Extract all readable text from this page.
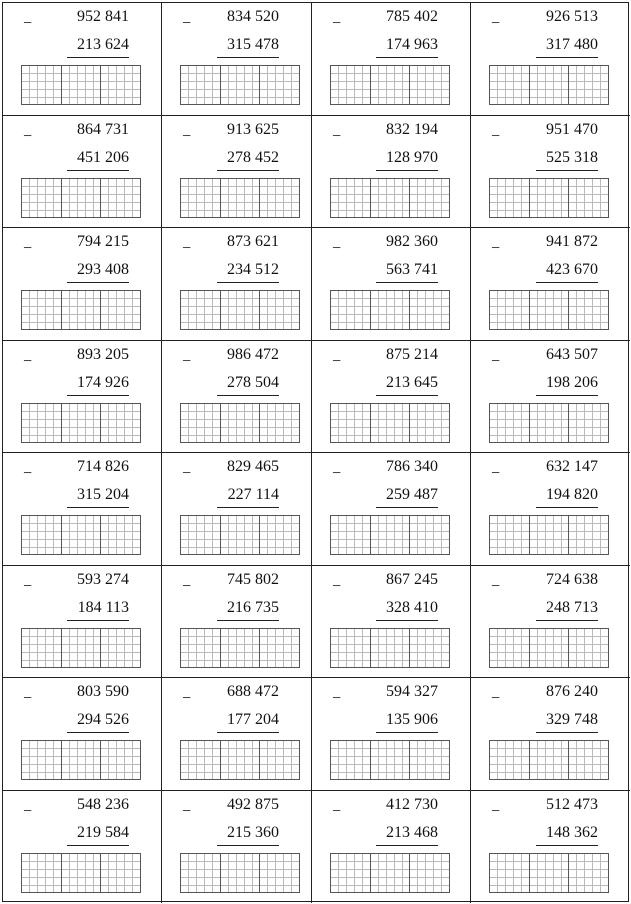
952 841
−
213 624
834 520
−
315 478
785 402
−
174 963
926 513
−
317 480
864 731
−
451 206
913 625
−
278 452
832 194
−
128 970
951 470
−
525 318
794 215
−
293 408
873 621
−
234 512
982 360
−
563 741
941 872
−
423 670
893 205
−
174 926
986 472
−
278 504
875 214
−
213 645
643 507
−
198 206
714 826
−
315 204
829 465
−
227 114
786 340
−
259 487
632 147
−
194 820
593 274
−
184 113
745 802
−
216 735
867 245
−
328 410
724 638
−
248 713
803 590
−
294 526
688 472
−
177 204
594 327
−
135 906
876 240
−
329 748
548 236
−
219 584
492 875
−
215 360
412 730
−
213 468
512 473
−
148 362
